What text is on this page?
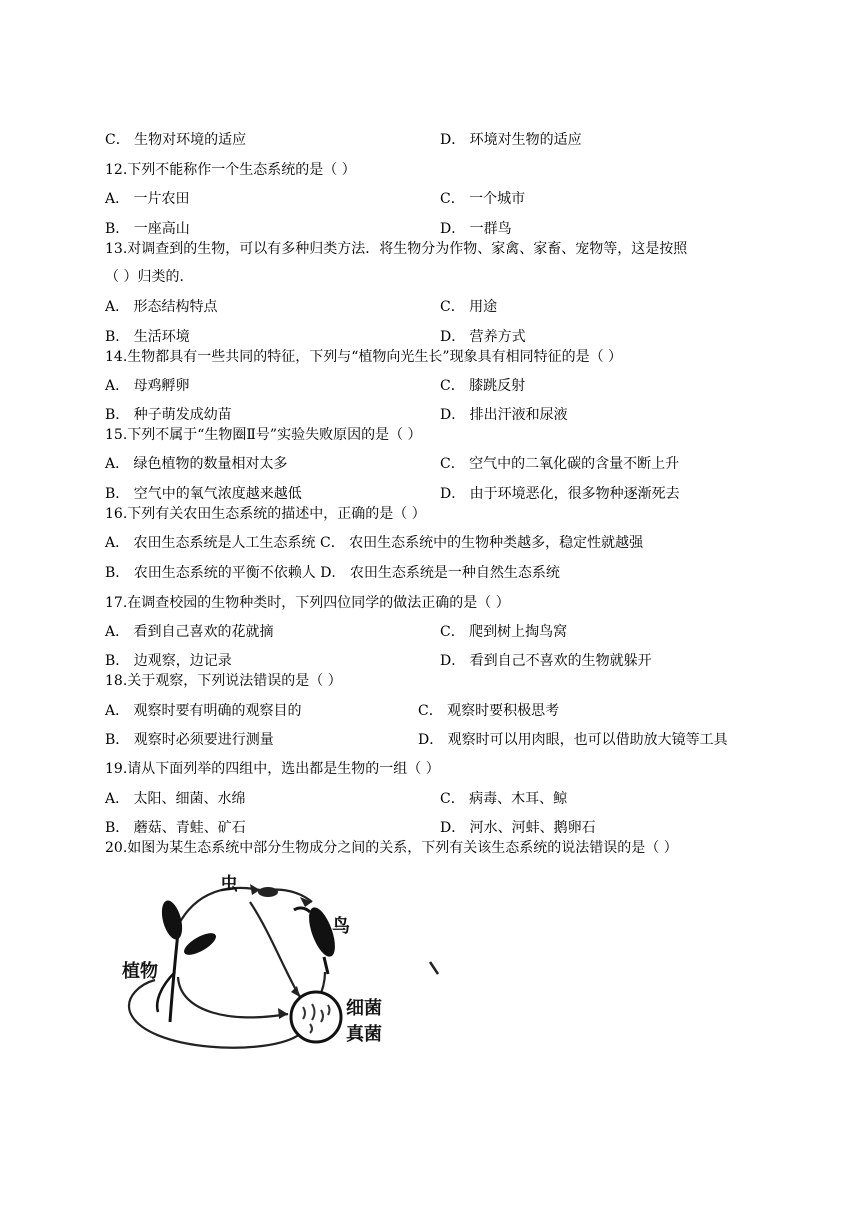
C． 生物对环境的适应	D． 环境对生物的适应
12.下列不能称作一个生态系统的是（ ）
A． 一片农田	C． 一个城市
B． 一座高山	D． 一群鸟
13.对调查到的生物，可以有多种归类方法．将生物分为作物、家禽、家畜、宠物等，这是按照
（ ）归类的．
A． 形态结构特点	C． 用途
B． 生活环境	D． 营养方式
14.生物都具有一些共同的特征，下列与“植物向光生长”现象具有相同特征的是（ ）
A． 母鸡孵卵	C． 膝跳反射
B． 种子萌发成幼苗	D． 排出汗液和尿液
15.下列不属于“生物圈Ⅱ号”实验失败原因的是（ ）
A． 绿色植物的数量相对太多	C． 空气中的二氧化碳的含量不断上升
B． 空气中的氧气浓度越来越低	D． 由于环境恶化，很多物种逐渐死去
16.下列有关农田生态系统的描述中，正确的是（ ）
A． 农田生态系统是人工生态系统 C． 农田生态系统中的生物种类越多，稳定性就越强
B． 农田生态系统的平衡不依赖人 D． 农田生态系统是一种自然生态系统
17.在调查校园的生物种类时，下列四位同学的做法正确的是（ ）
A． 看到自己喜欢的花就摘	C． 爬到树上掏鸟窝
B． 边观察，边记录	D． 看到自己不喜欢的生物就躲开
18.关于观察，下列说法错误的是（ ）
A． 观察时要有明确的观察目的	C． 观察时要积极思考
B． 观察时必须要进行测量	D． 观察时可以用肉眼，也可以借助放大镜等工具
19.请从下面列举的四组中，选出都是生物的一组（ ）
A． 太阳、细菌、水绵	C． 病毒、木耳、鲸
B． 蘑菇、青蛙、矿石	D． 河水、河蚌、鹅卵石
20.如图为某生态系统中部分生物成分之间的关系，下列有关该生态系统的说法错误的是（ ）
虫
鸟
植物
细菌
真菌
